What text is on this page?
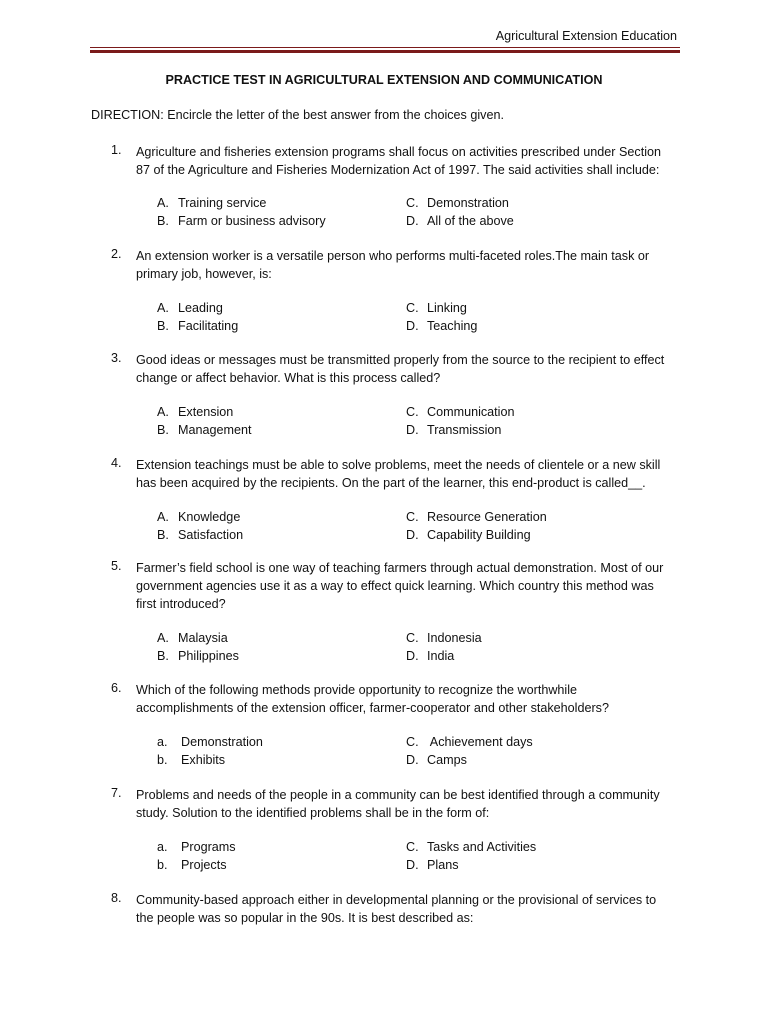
Agricultural Extension Education
PRACTICE TEST IN AGRICULTURAL EXTENSION AND COMMUNICATION
DIRECTION: Encircle the letter of the best answer from the choices given.
1.	Agriculture and fisheries extension programs shall focus on activities prescribed under Section 87 of the Agriculture and Fisheries Modernization Act of 1997. The said activities shall include:
A. Training service
B. Farm or business advisory
C. Demonstration
D. All of the above
2.	An extension worker is a versatile person who performs multi-faceted roles.The main task or primary job, however, is:
A. Leading
B. Facilitating
C. Linking
D. Teaching
3.	Good ideas or messages must be transmitted properly from the source to the recipient to effect change or affect behavior. What is this process called?
A. Extension
B. Management
C. Communication
D. Transmission
4.	Extension teachings must be able to solve problems, meet the needs of clientele or a new skill has been acquired by the recipients. On the part of the learner, this end-product is called__.
A. Knowledge
B. Satisfaction
C. Resource Generation
D. Capability Building
5.	Farmer’s field school is one way of teaching farmers through actual demonstration. Most of our government agencies use it as a way to effect quick learning. Which country this method was first introduced?
A. Malaysia
B. Philippines
C. Indonesia
D. India
6.	Which of the following methods provide opportunity to recognize the worthwhile accomplishments of the extension officer, farmer-cooperator and other stakeholders?
a. Demonstration
b. Exhibits
C. Achievement days
D. Camps
7.	Problems and needs of the people in a community can be best identified through a community study. Solution to the identified problems shall be in the form of:
a. Programs
b. Projects
C. Tasks and Activities
D. Plans
8.	Community-based approach either in developmental planning or the provisional of services to the people was so popular in the 90s. It is best described as:
